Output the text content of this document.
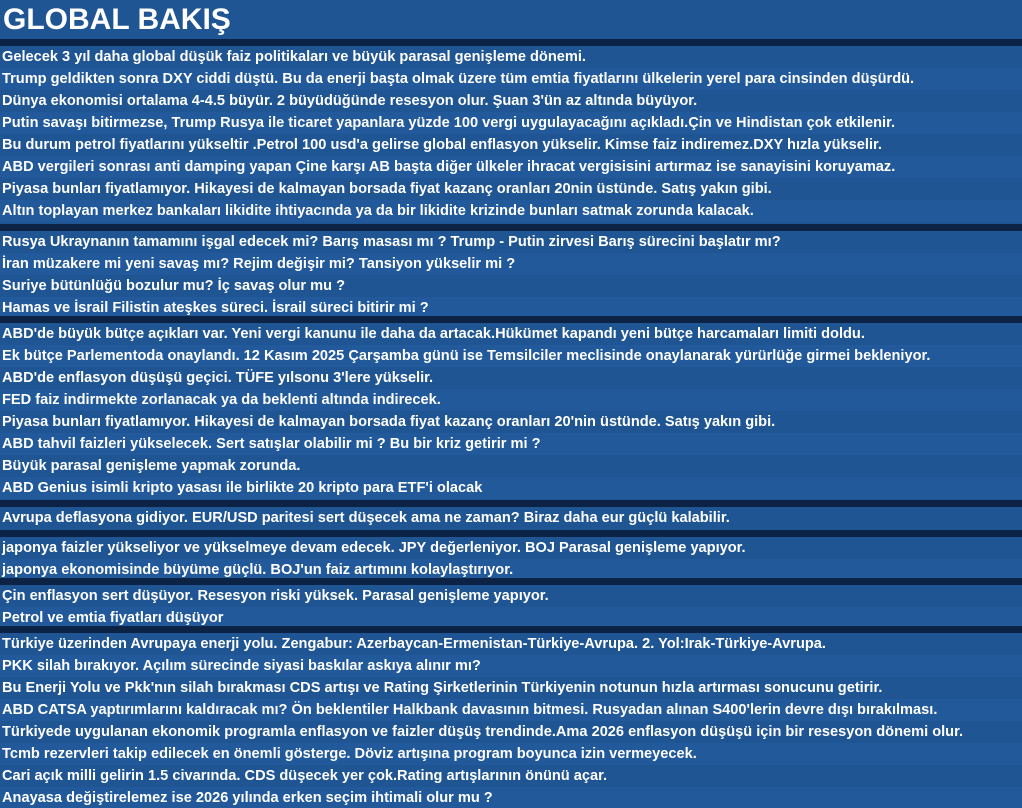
GLOBAL BAKIŞ
Gelecek 3 yıl daha global düşük faiz politikaları ve büyük parasal genişleme dönemi.
Trump geldikten sonra DXY ciddi düştü. Bu da enerji başta olmak üzere tüm emtia fiyatlarını ülkelerin yerel para cinsinden düşürdü.
Dünya ekonomisi ortalama 4-4.5 büyür. 2 büyüdüğünde resesyon olur. Şuan 3'ün az altında büyüyor.
Putin savaşı bitirmezse, Trump Rusya ile ticaret yapanlara yüzde 100 vergi uygulayacağını açıkladı.Çin ve Hindistan çok etkilenir.
Bu durum petrol fiyatlarını yükseltir .Petrol 100 usd'a gelirse global enflasyon yükselir. Kimse faiz indiremez.DXY hızla yükselir.
ABD vergileri sonrası anti damping yapan Çine karşı AB başta diğer ülkeler ihracat vergisisini artırmaz ise sanayisini koruyamaz.
Piyasa bunları fiyatlamıyor. Hikayesi de kalmayan borsada fiyat kazanç oranları 20nin üstünde. Satış yakın gibi.
Altın toplayan merkez bankaları likidite ihtiyacında ya da bir likidite krizinde bunları satmak zorunda kalacak.
Rusya Ukraynanın tamamını işgal edecek mi? Barış masası mı ? Trump - Putin zirvesi Barış sürecini başlatır mı?
İran müzakere mi yeni savaş mı? Rejim değişir mi? Tansiyon yükselir mi ?
Suriye bütünlüğü bozulur mu? İç savaş olur mu ?
Hamas ve İsrail Filistin ateşkes süreci. İsrail süreci bitirir mi ?
ABD'de büyük bütçe açıkları var. Yeni vergi kanunu ile daha da artacak.Hükümet kapandı yeni bütçe harcamaları limiti doldu.
Ek bütçe Parlementoda onaylandı. 12 Kasım 2025 Çarşamba günü ise Temsilciler meclisinde onaylanarak yürürlüğe girmei bekleniyor.
ABD'de enflasyon düşüşü geçici. TÜFE yılsonu 3'lere yükselir.
FED faiz indirmekte zorlanacak ya da beklenti altında indirecek.
Piyasa bunları fiyatlamıyor. Hikayesi de kalmayan borsada fiyat kazanç oranları 20'nin üstünde. Satış yakın gibi.
ABD tahvil faizleri yükselecek. Sert satışlar olabilir mi ? Bu bir kriz getirir mi ?
Büyük parasal genişleme yapmak zorunda.
ABD Genius isimli kripto yasası ile birlikte 20 kripto para ETF'i olacak
Avrupa deflasyona gidiyor. EUR/USD paritesi sert düşecek ama ne zaman? Biraz daha eur güçlü kalabilir.
japonya faizler yükseliyor ve yükselmeye devam edecek. JPY değerleniyor. BOJ Parasal genişleme yapıyor.
japonya ekonomisinde büyüme güçlü. BOJ'un faiz artımını kolaylaştırıyor.
Çin enflasyon sert düşüyor. Resesyon riski yüksek. Parasal genişleme yapıyor.
Petrol ve emtia fiyatları düşüyor
Türkiye üzerinden Avrupaya enerji yolu. Zengabur: Azerbaycan-Ermenistan-Türkiye-Avrupa. 2. Yol:Irak-Türkiye-Avrupa.
PKK silah bırakıyor. Açılım sürecinde siyasi baskılar askıya alınır mı?
Bu Enerji Yolu ve Pkk'nın silah bırakması CDS artışı ve Rating Şirketlerinin Türkiyenin notunun hızla artırması sonucunu getirir.
ABD CATSA yaptırımlarını kaldıracak mı? Ön beklentiler Halkbank davasının bitmesi. Rusyadan alınan S400'lerin devre dışı bırakılması.
Türkiyede uygulanan ekonomik programla enflasyon ve faizler düşüş trendinde.Ama 2026 enflasyon düşüşü için bir resesyon dönemi olur.
Tcmb rezervleri takip edilecek en önemli gösterge. Döviz artışına program boyunca izin vermeyecek.
Cari açık milli gelirin 1.5 civarında. CDS düşecek yer çok.Rating artışlarının önünü açar.
Anayasa değiştirelemez ise 2026 yılında erken seçim ihtimali olur mu ?
